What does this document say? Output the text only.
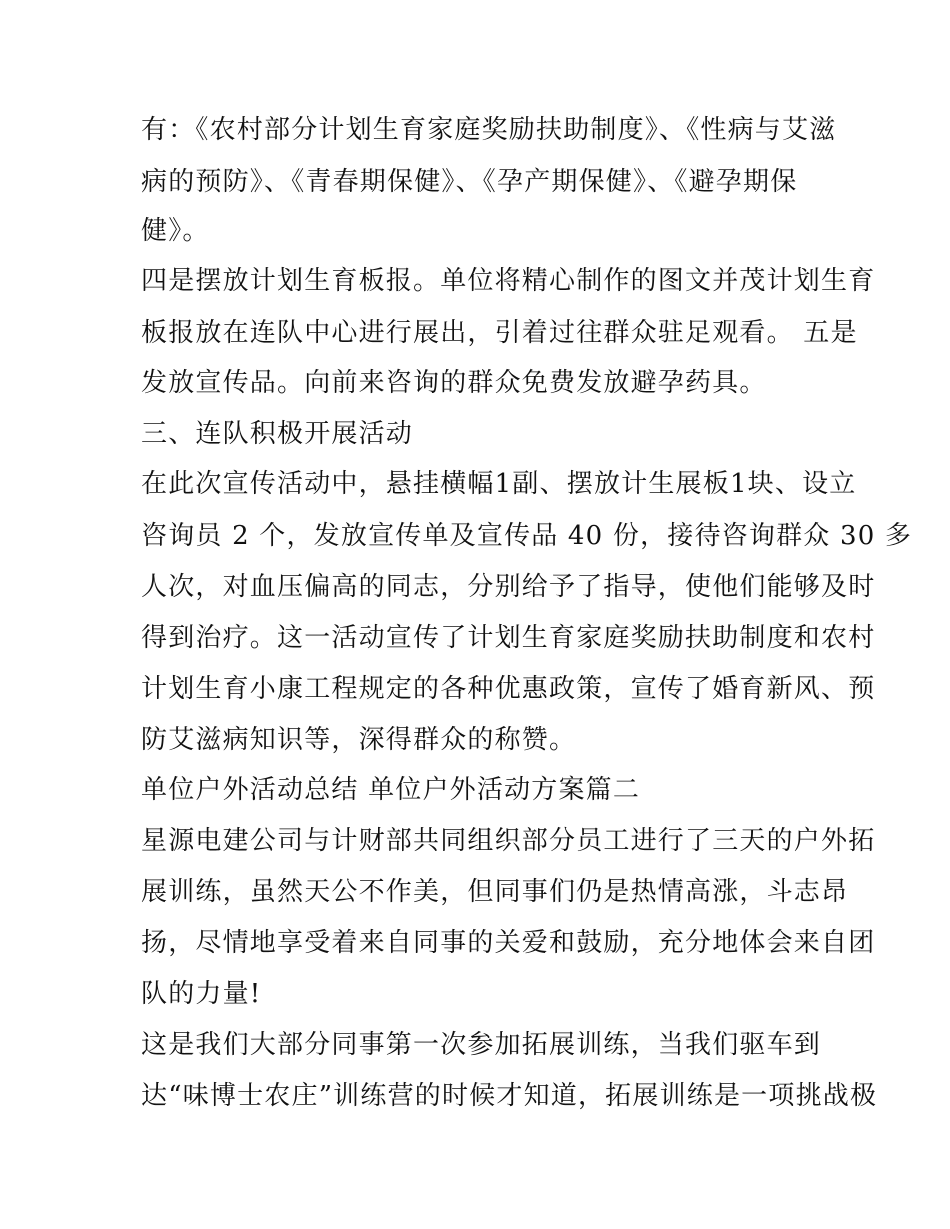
有：《农村部分计划生育家庭奖励扶助制度》、《性病与艾滋
病的预防》、《青春期保健》、《孕产期保健》、《避孕期保
健》。
四是摆放计划生育板报。单位将精心制作的图文并茂计划生育
板报放在连队中心进行展出，引着过往群众驻足观看。 五是
发放宣传品。向前来咨询的群众免费发放避孕药具。
三、连队积极开展活动
在此次宣传活动中，悬挂横幅1副、摆放计生展板1块、设立
咨询员 2 个，发放宣传单及宣传品 40 份，接待咨询群众 30 多
人次，对血压偏高的同志，分别给予了指导，使他们能够及时
得到治疗。这一活动宣传了计划生育家庭奖励扶助制度和农村
计划生育小康工程规定的各种优惠政策，宣传了婚育新风、预
防艾滋病知识等，深得群众的称赞。
单位户外活动总结 单位户外活动方案篇二
星源电建公司与计财部共同组织部分员工进行了三天的户外拓
展训练，虽然天公不作美，但同事们仍是热情高涨，斗志昂
扬，尽情地享受着来自同事的关爱和鼓励，充分地体会来自团
队的力量!
这是我们大部分同事第一次参加拓展训练，当我们驱车到
达“味博士农庄”训练营的时候才知道，拓展训练是一项挑战极
